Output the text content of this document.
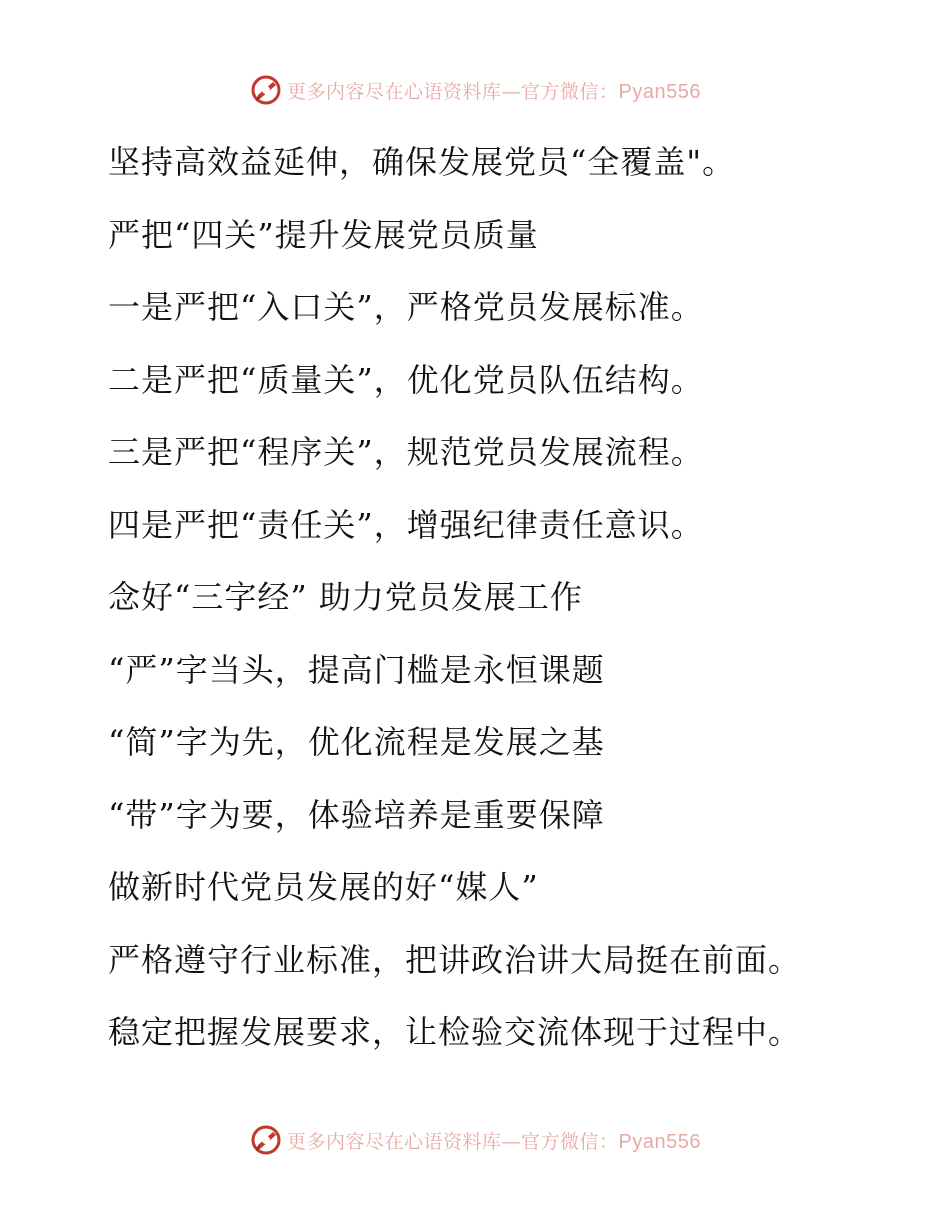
更多内容尽在心语资料库—官方微信：Pyan556
坚持高效益延伸，确保发展党员“全覆盖"。
严把“四关”提升发展党员质量
一是严把“入口关”，严格党员发展标准。
二是严把“质量关”，优化党员队伍结构。
三是严把“程序关”，规范党员发展流程。
四是严把“责任关”，增强纪律责任意识。
念好“三字经” 助力党员发展工作
“严”字当头，提高门槛是永恒课题
“简”字为先，优化流程是发展之基
“带”字为要，体验培养是重要保障
做新时代党员发展的好“媒人”
严格遵守行业标准，把讲政治讲大局挺在前面。
稳定把握发展要求，让检验交流体现于过程中。
更多内容尽在心语资料库—官方微信：Pyan556
